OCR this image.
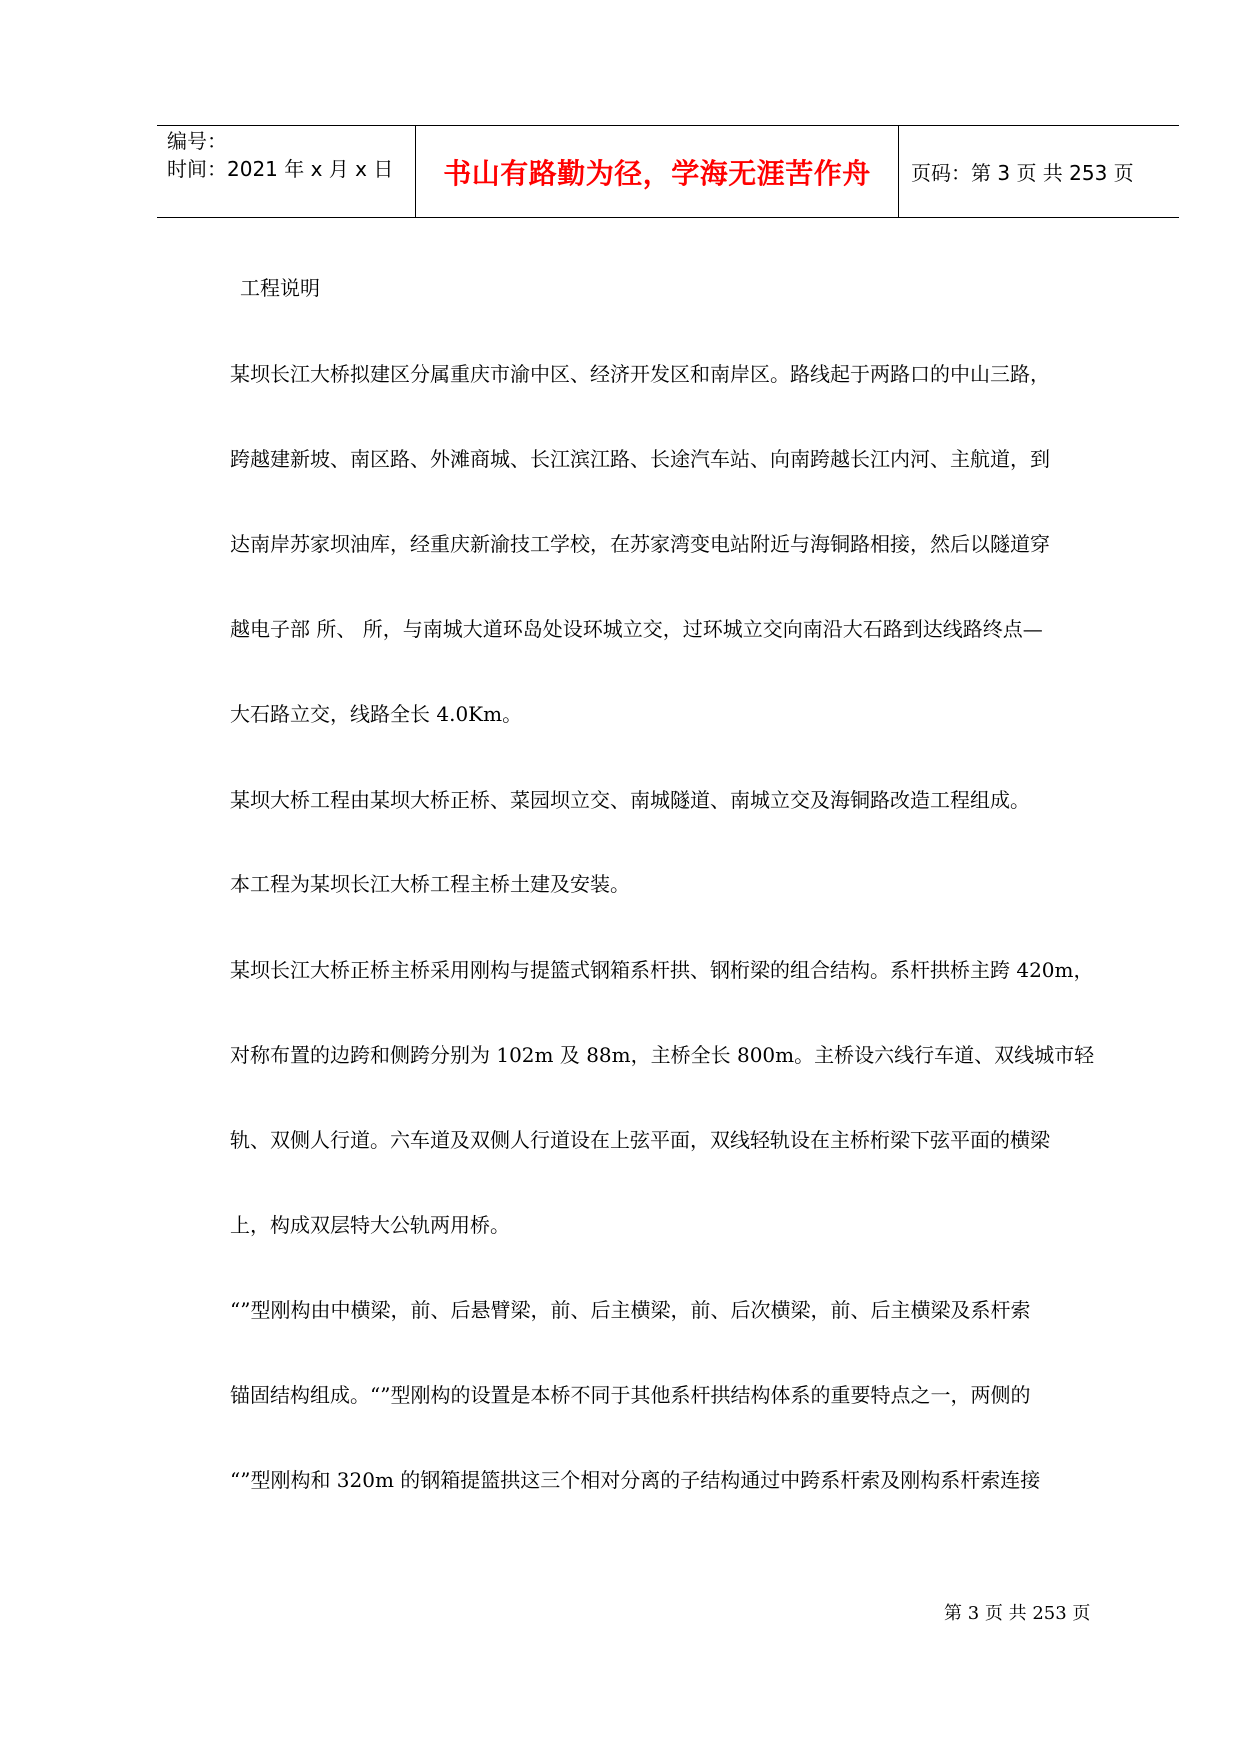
编号：
时间：2021 年 x 月 x 日	书山有路勤为径，学海无涯苦作舟	页码：第 3 页 共 253 页
工程说明
某坝长江大桥拟建区分属重庆市渝中区、经济开发区和南岸区。路线起于两路口的中山三路，
跨越建新坡、南区路、外滩商城、长江滨江路、长途汽车站、向南跨越长江内河、主航道，到
达南岸苏家坝油库，经重庆新渝技工学校，在苏家湾变电站附近与海铜路相接，然后以隧道穿
越电子部 所、 所，与南城大道环岛处设环城立交，过环城立交向南沿大石路到达线路终点—
大石路立交，线路全长 4.0Km。
某坝大桥工程由某坝大桥正桥、菜园坝立交、南城隧道、南城立交及海铜路改造工程组成。
本工程为某坝长江大桥工程主桥土建及安装。
某坝长江大桥正桥主桥采用刚构与提篮式钢箱系杆拱、钢桁梁的组合结构。系杆拱桥主跨 420m，
对称布置的边跨和侧跨分别为 102m 及 88m，主桥全长 800m。主桥设六线行车道、双线城市轻
轨、双侧人行道。六车道及双侧人行道设在上弦平面，双线轻轨设在主桥桁梁下弦平面的横梁
上，构成双层特大公轨两用桥。
“”型刚构由中横梁，前、后悬臂梁，前、后主横梁，前、后次横梁，前、后主横梁及系杆索
锚固结构组成。“”型刚构的设置是本桥不同于其他系杆拱结构体系的重要特点之一，两侧的
“”型刚构和 320m 的钢箱提篮拱这三个相对分离的子结构通过中跨系杆索及刚构系杆索连接
第 3 页 共 253 页
